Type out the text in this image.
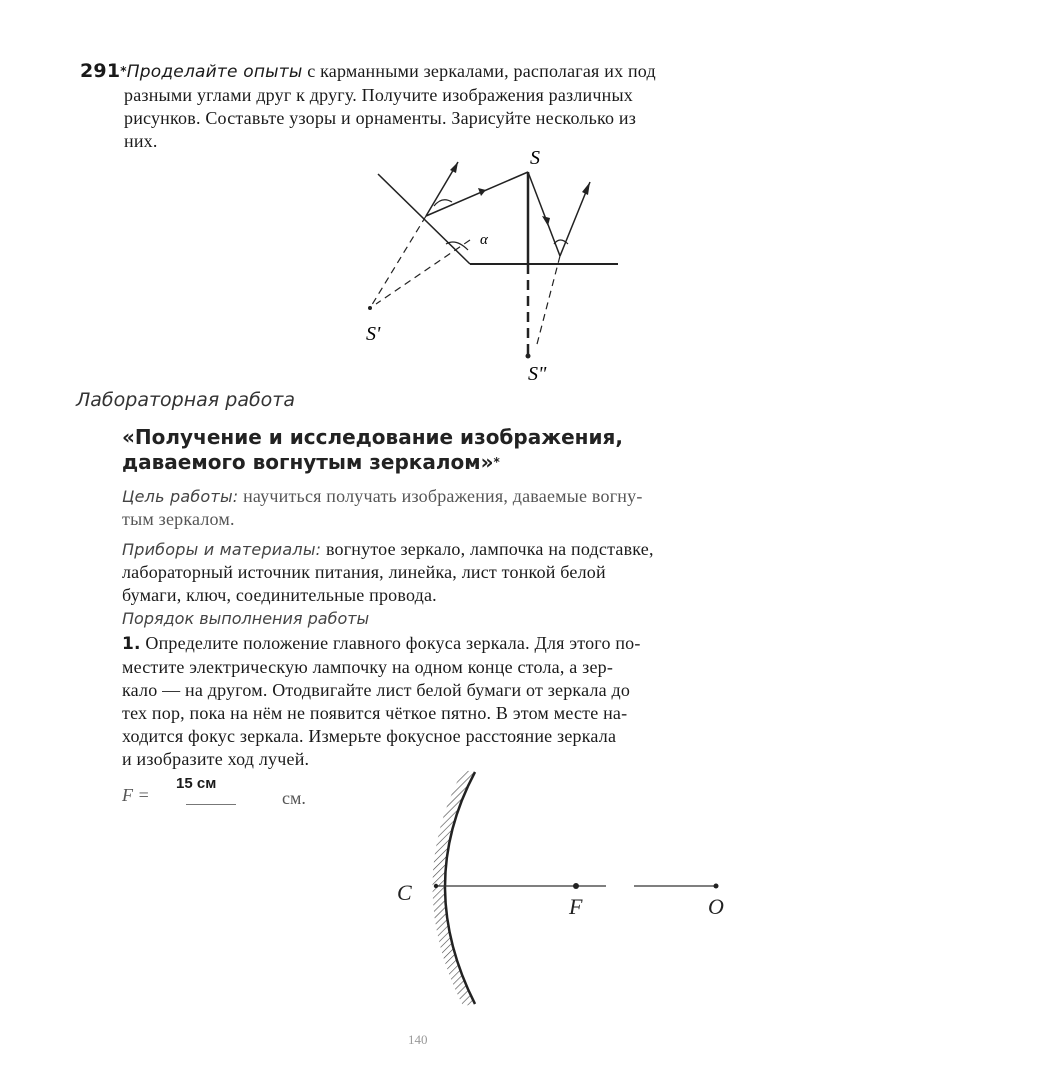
291*Проделайте опыты с карманными зеркалами, располагая их под
разными углами друг к другу. Получите изображения различных
рисунков. Составьте узоры и орнаменты. Зарисуйте несколько из
них.
S
S'
S"
α
Лабораторная работа
«Получение и исследование изображения,
даваемого вогнутым зеркалом»*
Цель работы: научиться получать изображения, даваемые вогну-
тым зеркалом.
Приборы и материалы: вогнутое зеркало, лампочка на подставке,
лабораторный источник питания, линейка, лист тонкой белой
бумаги, ключ, соединительные провода.
Порядок выполнения работы
1. Определите положение главного фокуса зеркала. Для этого по-
местите электрическую лампочку на одном конце стола, а зер-
кало — на другом. Отодвигайте лист белой бумаги от зеркала до
тех пор, пока на нём не появится чёткое пятно. В этом месте на-
ходится фокус зеркала. Измерьте фокусное расстояние зеркала
и изобразите ход лучей.
F =
15 см
см.
C
F	O
140
